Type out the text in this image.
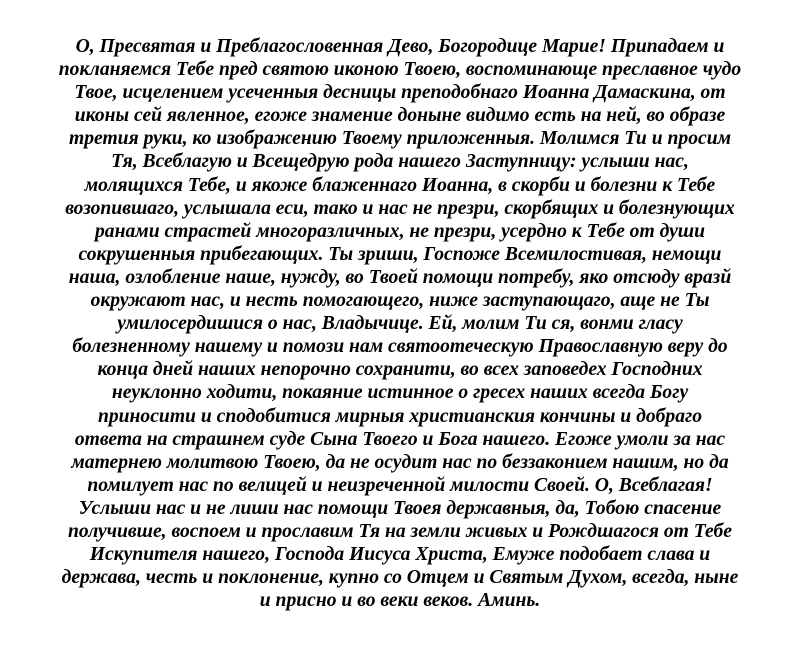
О, Пресвятая и Преблагословенная Дево, Богородице Марие! Припадаем и
покланяемся Тебе пред святою иконою Твоею, воспоминающе преславное чудо
Твое, исцелением усеченныя десницы преподобнаго Иоанна Дамаскина, от
иконы сей явленное, егоже знамение доныне видимо есть на ней, во образе
третия руки, ко изображению Твоему приложенныя. Молимся Ти и просим
Тя, Всеблагую и Всещедрую рода нашего Заступницу: услыши нас,
молящихся Тебе, и якоже блаженнаго Иоанна, в скорби и болезни к Тебе
возопившаго, услышала еси, тако и нас не презри, скорбящих и болезнующих
ранами страстей многоразличных, не презри, усердно к Тебе от души
сокрушенныя прибегающих. Ты зриши, Госпоже Всемилостивая, немощи
наша, озлобление наше, нужду, во Твоей помощи потребу, яко отсюду вразй
окружают нас, и несть помогающего, ниже заступающаго, аще не Ты
умилосердишися о нас, Владычице. Ей, молим Ти ся, вонми гласу
болезненному нашему и помози нам святоотеческую Православную веру до
конца дней наших непорочно сохранити, во всех заповедех Господних
неуклонно ходити, покаяние истинное о гресех наших всегда Богу
приносити и сподобитися мирныя христианския кончины и добраго
ответа на страшнем суде Сына Твоего и Бога нашего. Егоже умоли за нас
матернею молитвою Твоею, да не осудит нас по беззаконием нашим, но да
помилует нас по велицей и неизреченной милости Своей. О, Всеблагая!
Услыши нас и не лиши нас помощи Твоея державныя, да, Тобою спасение
получивше, воспоем и прославим Тя на земли живых и Рождшагося от Тебе
Искупителя нашего, Господа Иисуса Христа, Емуже подобает слава и
держава, честь и поклонение, купно со Отцем и Святым Духом, всегда, ныне
и присно и во веки веков. Аминь.
